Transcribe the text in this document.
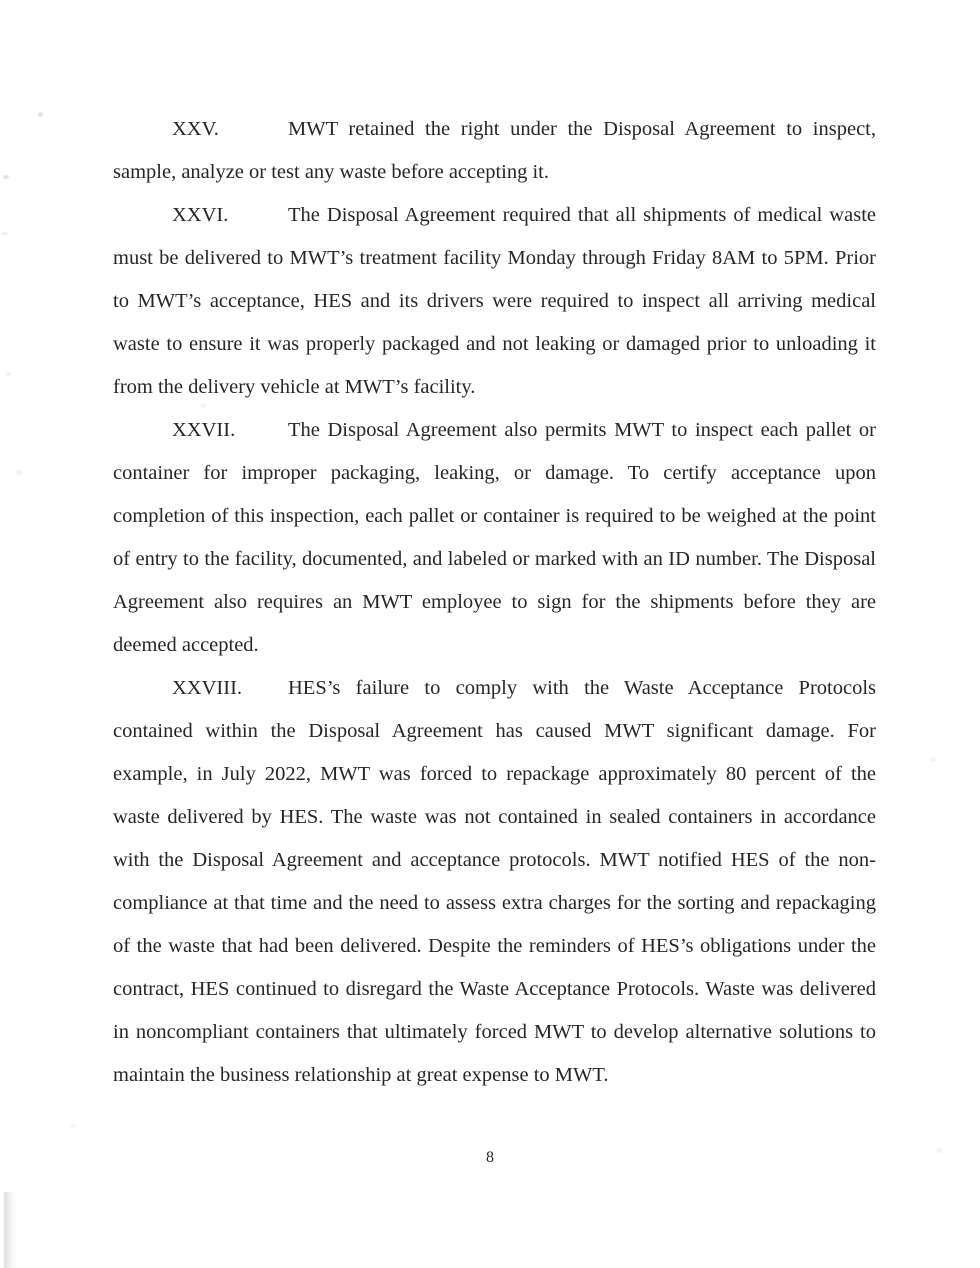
XXV.	MWT retained the right under the Disposal Agreement to inspect, sample, analyze or test any waste before accepting it.

XXVI.	The Disposal Agreement required that all shipments of medical waste must be delivered to MWT’s treatment facility Monday through Friday 8AM to 5PM. Prior to MWT’s acceptance, HES and its drivers were required to inspect all arriving medical waste to ensure it was properly packaged and not leaking or damaged prior to unloading it from the delivery vehicle at MWT’s facility.

XXVII.	The Disposal Agreement also permits MWT to inspect each pallet or container for improper packaging, leaking, or damage. To certify acceptance upon completion of this inspection, each pallet or container is required to be weighed at the point of entry to the facility, documented, and labeled or marked with an ID number. The Disposal Agreement also requires an MWT employee to sign for the shipments before they are deemed accepted.

XXVIII. HES’s failure to comply with the Waste Acceptance Protocols contained within the Disposal Agreement has caused MWT significant damage. For example, in July 2022, MWT was forced to repackage approximately 80 percent of the waste delivered by HES. The waste was not contained in sealed containers in accordance with the Disposal Agreement and acceptance protocols. MWT notified HES of the non-compliance at that time and the need to assess extra charges for the sorting and repackaging of the waste that had been delivered. Despite the reminders of HES’s obligations under the contract, HES continued to disregard the Waste Acceptance Protocols. Waste was delivered in noncompliant containers that ultimately forced MWT to develop alternative solutions to maintain the business relationship at great expense to MWT.

8
